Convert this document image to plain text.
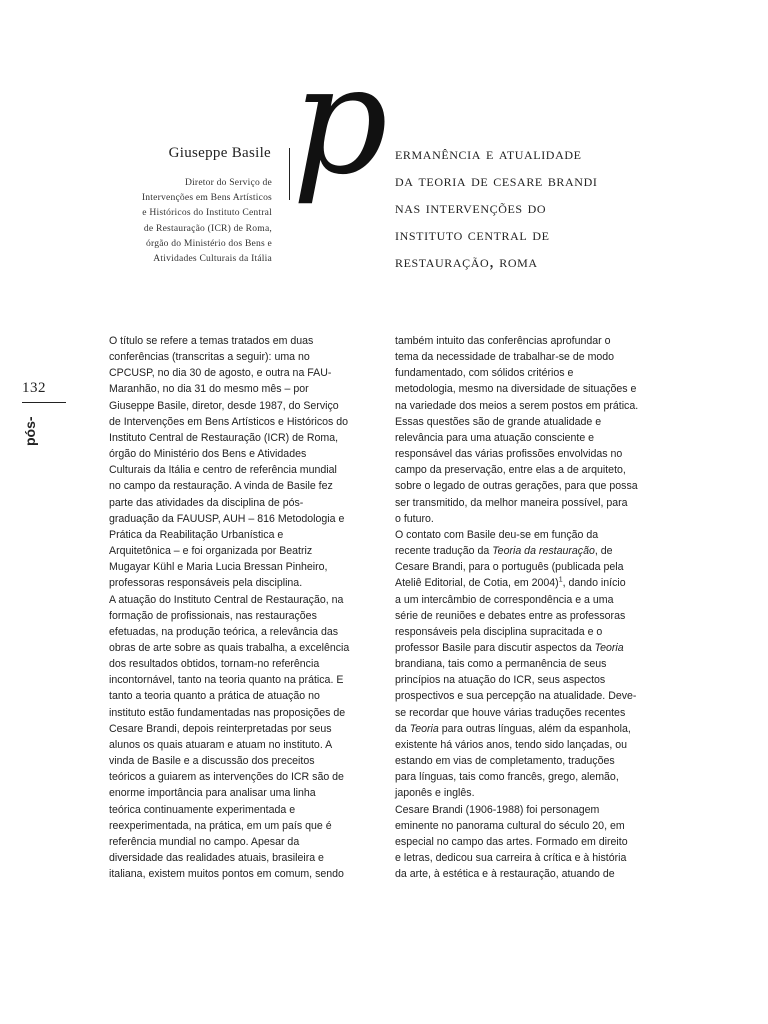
132
pós-
Giuseppe Basile
Diretor do Serviço de
Intervenções em Bens Artísticos
e Históricos do Instituto Central
de Restauração (ICR) de Roma,
órgão do Ministério dos Bens e
Atividades Culturais da Itália
p ermanência e atualidade
da teoria de cesare brandi
nas intervenções do
instituto central de
restauração, roma
O título se refere a temas tratados em duas
conferências (transcritas a seguir): uma no
CPCUSP, no dia 30 de agosto, e outra na FAU-
Maranhão, no dia 31 do mesmo mês – por
Giuseppe Basile, diretor, desde 1987, do Serviço
de Intervenções em Bens Artísticos e Históricos do
Instituto Central de Restauração (ICR) de Roma,
órgão do Ministério dos Bens e Atividades
Culturais da Itália e centro de referência mundial
no campo da restauração. A vinda de Basile fez
parte das atividades da disciplina de pós-
graduação da FAUUSP, AUH – 816 Metodologia e
Prática da Reabilitação Urbanística e
Arquitetônica – e foi organizada por Beatriz
Mugayar Kühl e Maria Lucia Bressan Pinheiro,
professoras responsáveis pela disciplina.
A atuação do Instituto Central de Restauração, na
formação de profissionais, nas restaurações
efetuadas, na produção teórica, a relevância das
obras de arte sobre as quais trabalha, a excelência
dos resultados obtidos, tornam-no referência
incontornável, tanto na teoria quanto na prática. E
tanto a teoria quanto a prática de atuação no
instituto estão fundamentadas nas proposições de
Cesare Brandi, depois reinterpretadas por seus
alunos os quais atuaram e atuam no instituto. A
vinda de Basile e a discussão dos preceitos
teóricos a guiarem as intervenções do ICR são de
enorme importância para analisar uma linha
teórica continuamente experimentada e
reexperimentada, na prática, em um país que é
referência mundial no campo. Apesar da
diversidade das realidades atuais, brasileira e
italiana, existem muitos pontos em comum, sendo
também intuito das conferências aprofundar o
tema da necessidade de trabalhar-se de modo
fundamentado, com sólidos critérios e
metodologia, mesmo na diversidade de situações e
na variedade dos meios a serem postos em prática.
Essas questões são de grande atualidade e
relevância para uma atuação consciente e
responsável das várias profissões envolvidas no
campo da preservação, entre elas a de arquiteto,
sobre o legado de outras gerações, para que possa
ser transmitido, da melhor maneira possível, para
o futuro.
O contato com Basile deu-se em função da
recente tradução da Teoria da restauração, de
Cesare Brandi, para o português (publicada pela
Ateliê Editorial, de Cotia, em 2004)$^1$, dando início
a um intercâmbio de correspondência e a uma
série de reuniões e debates entre as professoras
responsáveis pela disciplina supracitada e o
professor Basile para discutir aspectos da Teoria
brandiana, tais como a permanência de seus
princípios na atuação do ICR, seus aspectos
prospectivos e sua percepção na atualidade. Deve-
se recordar que houve várias traduções recentes
da Teoria para outras línguas, além da espanhola,
existente há vários anos, tendo sido lançadas, ou
estando em vias de completamento, traduções
para línguas, tais como francês, grego, alemão,
japonês e inglês.
Cesare Brandi (1906-1988) foi personagem
eminente no panorama cultural do século 20, em
especial no campo das artes. Formado em direito
e letras, dedicou sua carreira à crítica e à história
da arte, à estética e à restauração, atuando de
